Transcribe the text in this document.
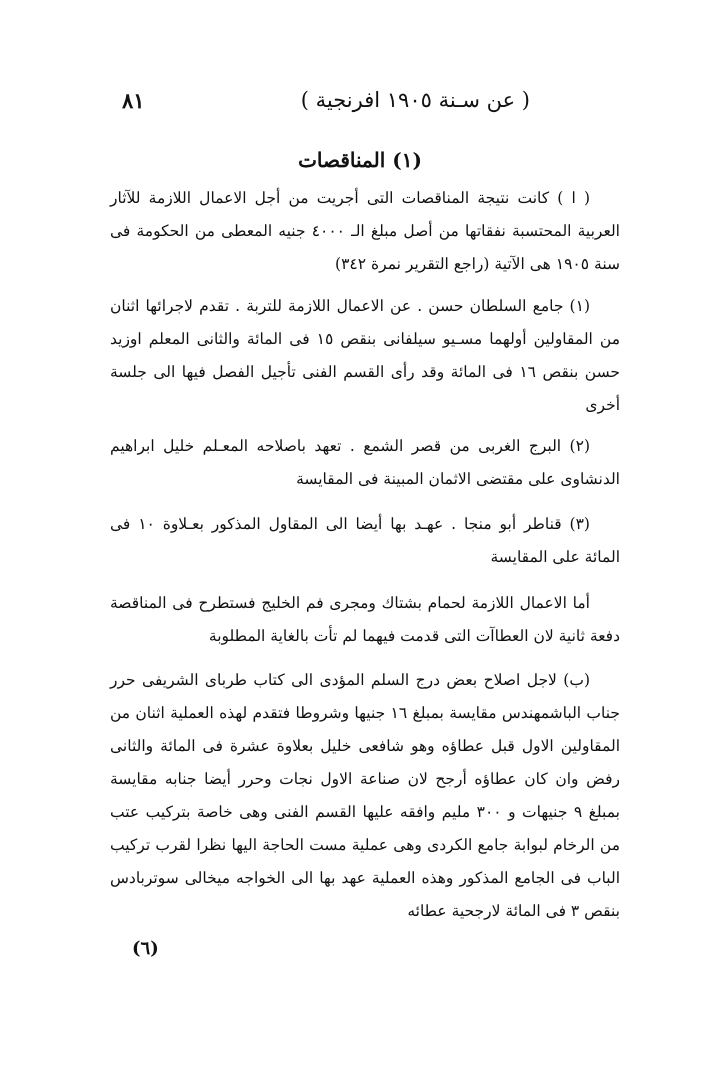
٨١	( عن سـنة ١٩٠٥ افرنجية )
(١) المناقصات

( ا ) كانت نتيجة المناقصات التى أجريت من أجل الاعمال اللازمة للآثار العربية المحتسبة نفقاتها من أصل مبلغ الـ ٤٠٠٠ جنيه المعطى من الحكومة فى سنة ١٩٠٥ هى الآتية (راجع التقرير نمرة ٣٤٢)

(١) جامع السلطان حسن . عن الاعمال اللازمة للتربة . تقدم لاجرائها اثنان من المقاولين أولهما مسـيو سيلفانى بنقص ١٥ فى المائة والثانى المعلم اوزيد حسن بنقص ١٦ فى المائة وقد رأى القسم الفنى تأجيل الفصل فيها الى جلسة أخرى

(٢) البرج الغربى من قصر الشمع . تعهد باصلاحه المعـلم خليل ابراهيم الدنشاوى على مقتضى الاثمان المبينة فى المقايسة

(٣) قناطر أبو منجا . عهـد بها أيضا الى المقاول المذكور بعـلاوة ١٠ فى المائة على المقايسة

أما الاعمال اللازمة لحمام بشتاك ومجرى فم الخليج فستطرح فى المناقصة دفعة ثانية لان العطاآت التى قدمت فيهما لم تأت بالغاية المطلوبة

(ب) لاجل اصلاح بعض درج السلم المؤدى الى كتاب طربای الشريفى حرر جناب الباشمهندس مقايسة بمبلغ ١٦ جنيها وشروطا فتقدم لهذه العملية اثنان من المقاولين الاول قبل عطاؤه وهو شافعى خليل بعلاوة عشرة فى المائة والثانى رفض وان كان عطاؤه أرجح لان صناعة الاول نجات وحرر أيضا جنابه مقايسة بمبلغ ٩ جنيهات و ٣٠٠ مليم وافقه عليها القسم الفنى وهى خاصة بتركيب عتب من الرخام لبوابة جامع الكردى وهى عملية مست الحاجة اليها نظرا لقرب تركيب الباب فى الجامع المذكور وهذه العملية عهد بها الى الخواجه ميخالى سوتربادس بنقص ٣ فى المائة لارجحية عطائه

(٦)
